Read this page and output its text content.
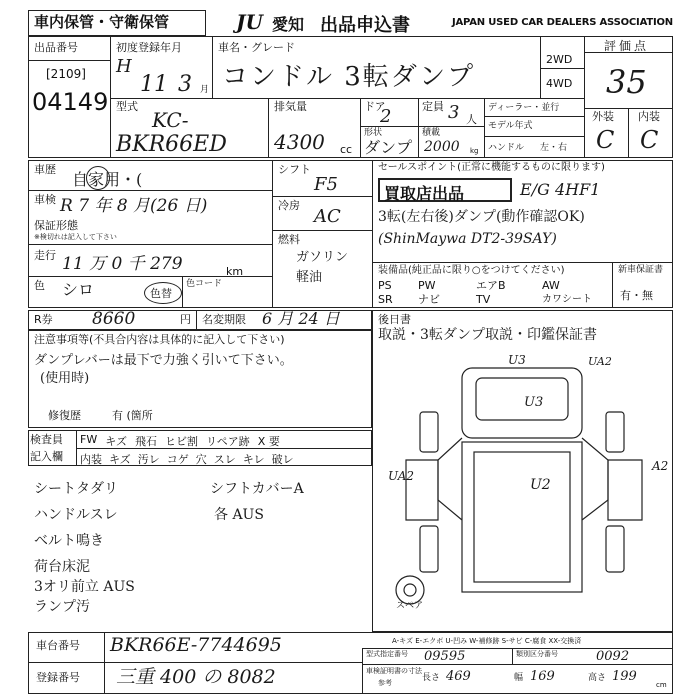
車内保管・守衛保管	JU 愛知 出品申込書	JAPAN USED CAR DEALERS ASSOCIATION
出品番号
[2109]
04149
初度登録年月
H
11 3 月
車名・グレード
コンドル 3転ダンプ
2WD
4WD
評価点
35
型式
KC-
BKR66ED
排気量
4300 cc
ドア
2	定員 3 人
形状
ダンプ
積載
2000 kg
ディーラー・並行
モデル年式
ハンドル 左・右
外装 内装
C C
車歴
自家用・(
車検 R 7 年 8 月(26 日)
保証形態
※検切れは記入して下さい
走行 11 万 0 千 279	km
色 シロ	色替
色コード
シフト
F5
冷房
AC
燃料
ガソリン 軽油
セールスポイント(正常に機能するものに限ります)
買取店出品	E/G 4HF1
3転(左右後)ダンプ(動作確認OK)
(ShinMaywa DT2-39SAY)
装備品(純正品に限り○をつけてください)
PS	PW	エアB	AW
SR	ナビ	TV	カワシート
新車保証書
有・無
R券 8660	円 名変期限 6 月 24 日	後日書
取説・3転ダンプ取説・印鑑保証書
注意事項等(不具合内容は具体的に記入して下さい)
ダンプレバーは最下で力強く引いて下さい。
(使用時)
修復歴	有 (箇所
検査員
記入欄
FW キズ 飛石 ヒビ割 リペア跡 X 要
内装 キズ 汚レ コゲ 穴 スレ キレ 破レ
シートタダリ	シフトカバーA
ハンドルスレ	各 AUS
ベルト鳴き
荷台床泥
3オリ前立 AUS
ランプ汚
U3	UA2
U3
A2
UA2
U2
スペア
A-キズ E-エクボ U-凹み W-補修跡 S-サビ C-腐食 XX-交換済
車台番号 BKR66E-7744695
登録番号 三重 400 の 8082
型式指定番号 09595	類別区分番号	0092
車検証明書の寸法
参考	長さ 469	幅 169	高さ 199
cm
